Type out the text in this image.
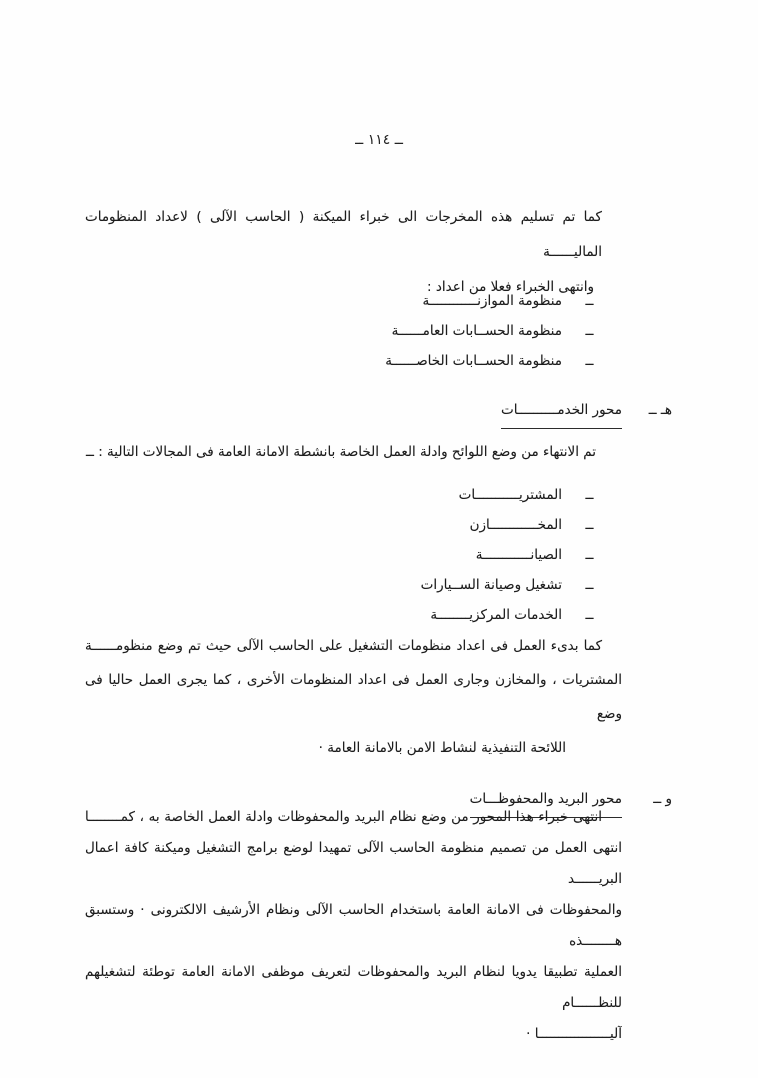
ــ ١١٤ ــ
كما تم تسليم هذه المخرجات الى خبراء الميكنة ( الحاسب الآلى ) لاعداد المنظومات الماليــــــة
وانتهى الخبراء فعلا من اعداد :
ــمنظومة الموازنــــــــــــة
ــمنظومة الحســابات العامــــــة
ــمنظومة الحســابات الخاصــــــة
هـ ــ
محور الخدمــــــــــات
تم الانتهاء من وضع اللوائح وادلة العمل الخاصة بانشطة الامانة العامة فى المجالات التالية : ــ
ــالمشتريـــــــــــات
ــالمخــــــــــــازن
ــالصيانــــــــــــة
ــتشغيل وصيانة الســيارات
ــالخدمات المركزيــــــــة
كما بدىء العمل فى اعداد منظومات التشغيل على الحاسب الآلى حيث تم وضع منظومــــــة
المشتريات ، والمخازن وجارى العمل فى اعداد المنظومات الأخرى ، كما يجرى العمل حاليا فى وضع
اللائحة التنفيذية لنشاط الامن بالامانة العامة ·
و ــ
محور البريد والمحفوظـــات
انتهى خبراء هذا المحور من وضع نظام البريد والمحفوظات وادلة العمل الخاصة به ، كمــــــــا
انتهى العمل من تصميم منظومة الحاسب الآلى تمهيدا لوضع برامج التشغيل وميكنة كافة اعمال البريــــــد
والمحفوظات فى الامانة العامة باستخدام الحاسب الآلى ونظام الأرشيف الالكترونى · وستسبق هــــــــذه
العملية تطبيقا يدويا لنظام البريد والمحفوظات لتعريف موظفى الامانة العامة توطئة لتشغيلهم للنظــــــام
آليــــــــــــــــــا ·
